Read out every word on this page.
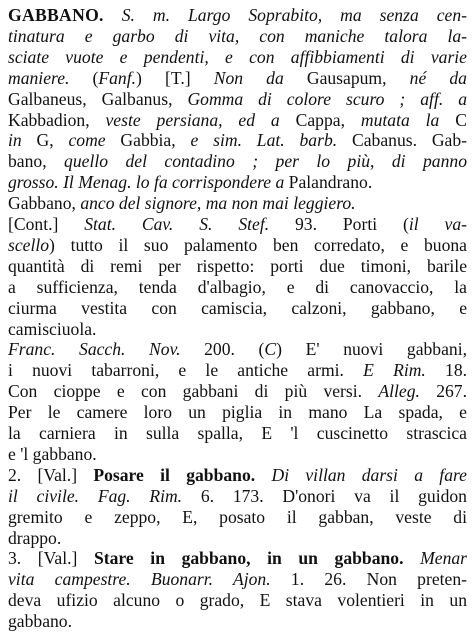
GABBANO. S. m. Largo Soprabito, ma senza cen-
tinatura e garbo di vita, con maniche talora la-
sciate vuote e pendenti, e con affibbiamenti di varie
maniere. (Fanf.) [T.] Non da Gausapum, né da
Galbaneus, Galbanus, Gomma di colore scuro ; aff. a
Kabbadion, veste persiana, ed a Cappa, mutata la C
in G, come Gabbia, e sim. Lat. barb. Cabanus. Gab-
bano, quello del contadino ; per lo più, di panno
grosso. Il Menag. lo fa corrispondere a Palandrano.
Gabbano, anco del signore, ma non mai leggiero.
[Cont.] Stat. Cav. S. Stef. 93. Porti (il va-
scello) tutto il suo palamento ben corredato, e buona
quantità di remi per rispetto: porti due timoni, barile
a sufficienza, tenda d'albagio, e di canovaccio, la
ciurma vestita con camiscia, calzoni, gabbano, e
camisciuola.
Franc. Sacch. Nov. 200. (C) E' nuovi gabbani,
i nuovi tabarroni, e le antiche armi. E Rim. 18.
Con cioppe e con gabbani di più versi. Alleg. 267.
Per le camere loro un piglia in mano La spada, e
la carniera in sulla spalla, E 'l cuscinetto strascica
e 'l gabbano.
2. [Val.] Posare il gabbano. Di villan darsi a fare
il civile. Fag. Rim. 6. 173. D'onori va il guidon
gremito e zeppo, E, posato il gabban, veste di
drappo.
3. [Val.] Stare in gabbano, in un gabbano. Menar
vita campestre. Buonarr. Ajon. 1. 26. Non preten-
deva ufizio alcuno o grado, E stava volentieri in un
gabbano.
